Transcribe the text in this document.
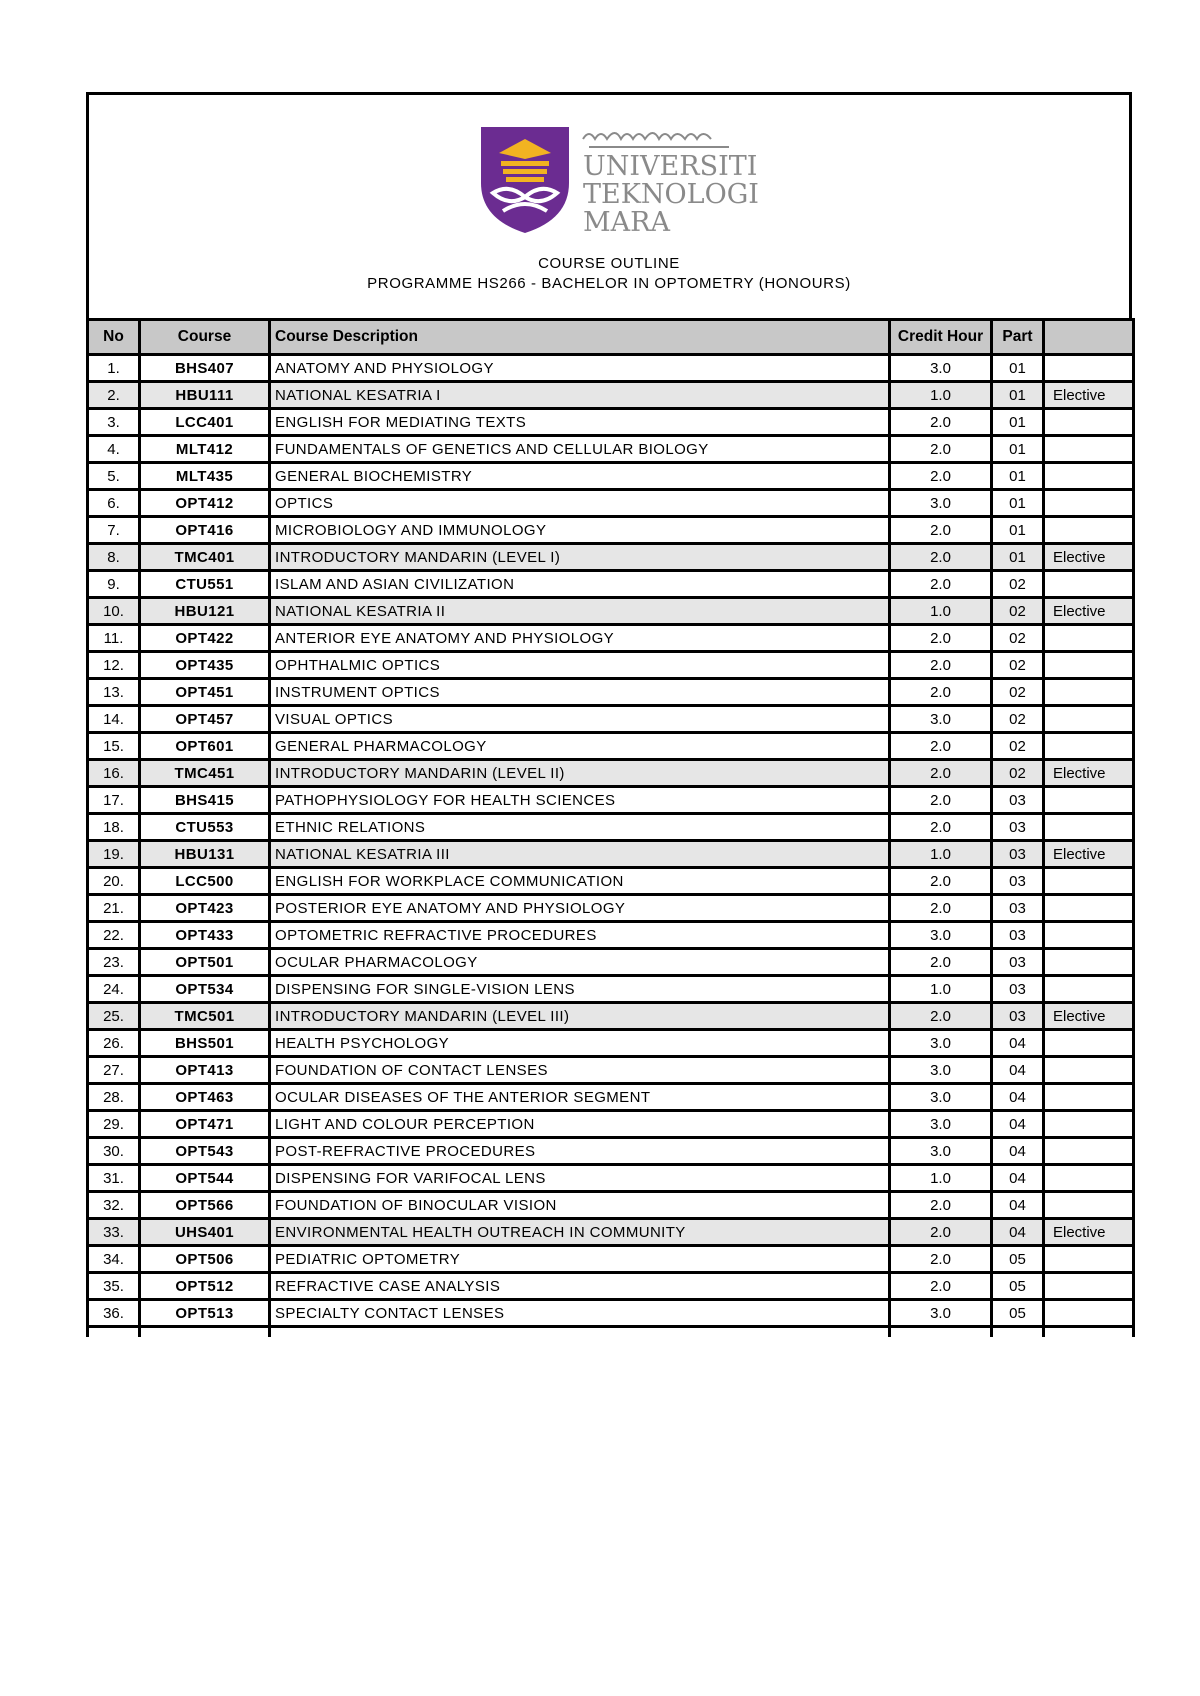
UNIVERSITI
TEKNOLOGI
MARA
COURSE OUTLINE
PROGRAMME HS266 - BACHELOR IN OPTOMETRY (HONOURS)
No	Course	Course Description	Credit Hour	Part	
1.	BHS407	ANATOMY AND PHYSIOLOGY	3.0	01	
2.	HBU111	NATIONAL KESATRIA I	1.0	01	Elective
3.	LCC401	ENGLISH FOR MEDIATING TEXTS	2.0	01	
4.	MLT412	FUNDAMENTALS OF GENETICS AND CELLULAR BIOLOGY	2.0	01	
5.	MLT435	GENERAL BIOCHEMISTRY	2.0	01	
6.	OPT412	OPTICS	3.0	01	
7.	OPT416	MICROBIOLOGY AND IMMUNOLOGY	2.0	01	
8.	TMC401	INTRODUCTORY MANDARIN (LEVEL I)	2.0	01	Elective
9.	CTU551	ISLAM AND ASIAN CIVILIZATION	2.0	02	
10.	HBU121	NATIONAL KESATRIA II	1.0	02	Elective
11.	OPT422	ANTERIOR EYE ANATOMY AND PHYSIOLOGY	2.0	02	
12.	OPT435	OPHTHALMIC OPTICS	2.0	02	
13.	OPT451	INSTRUMENT OPTICS	2.0	02	
14.	OPT457	VISUAL OPTICS	3.0	02	
15.	OPT601	GENERAL PHARMACOLOGY	2.0	02	
16.	TMC451	INTRODUCTORY MANDARIN (LEVEL II)	2.0	02	Elective
17.	BHS415	PATHOPHYSIOLOGY FOR HEALTH SCIENCES	2.0	03	
18.	CTU553	ETHNIC RELATIONS	2.0	03	
19.	HBU131	NATIONAL KESATRIA III	1.0	03	Elective
20.	LCC500	ENGLISH FOR WORKPLACE COMMUNICATION	2.0	03	
21.	OPT423	POSTERIOR EYE ANATOMY AND PHYSIOLOGY	2.0	03	
22.	OPT433	OPTOMETRIC REFRACTIVE PROCEDURES	3.0	03	
23.	OPT501	OCULAR PHARMACOLOGY	2.0	03	
24.	OPT534	DISPENSING FOR SINGLE-VISION LENS	1.0	03	
25.	TMC501	INTRODUCTORY MANDARIN (LEVEL III)	2.0	03	Elective
26.	BHS501	HEALTH PSYCHOLOGY	3.0	04	
27.	OPT413	FOUNDATION OF CONTACT LENSES	3.0	04	
28.	OPT463	OCULAR DISEASES OF THE ANTERIOR SEGMENT	3.0	04	
29.	OPT471	LIGHT AND COLOUR PERCEPTION	3.0	04	
30.	OPT543	POST-REFRACTIVE PROCEDURES	3.0	04	
31.	OPT544	DISPENSING FOR VARIFOCAL LENS	1.0	04	
32.	OPT566	FOUNDATION OF BINOCULAR VISION	2.0	04	
33.	UHS401	ENVIRONMENTAL HEALTH OUTREACH IN COMMUNITY	2.0	04	Elective
34.	OPT506	PEDIATRIC OPTOMETRY	2.0	05	
35.	OPT512	REFRACTIVE CASE ANALYSIS	2.0	05	
36.	OPT513	SPECIALTY CONTACT LENSES	3.0	05	
